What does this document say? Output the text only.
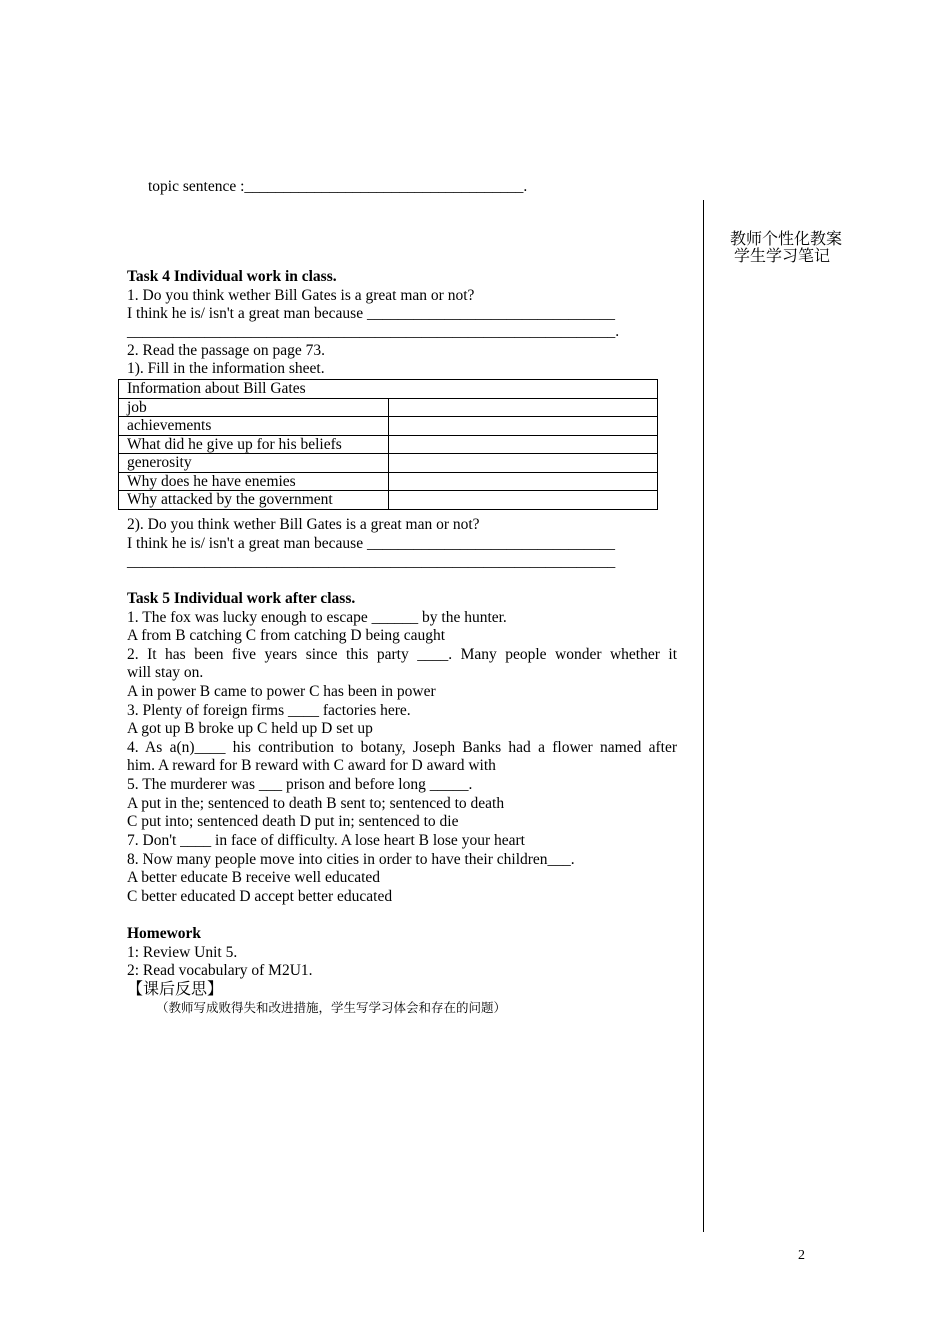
topic sentence :____________________________________.
教师个性化教案
学生学习笔记
Task 4 Individual work in class.
1. Do you think wether Bill Gates is a great man or not?
I think he is/ isn't a great man because ________________________________
_______________________________________________________________.
2. Read the passage on page 73.
1). Fill in the information sheet.
Information about Bill Gates	
job	
achievements	
What did he give up for his beliefs	
generosity	
Why does he have enemies	
Why attacked by the government	
2). Do you think wether Bill Gates is a great man or not?
I think he is/ isn't a great man because ________________________________
_______________________________________________________________
Task 5 Individual work after class.
1. The fox was lucky enough to escape ______ by the hunter.
A from B catching C from catching D being caught
2. It has been five years since this party ____. Many people wonder whether it
will stay on.
A in power B came to power C has been in power
3. Plenty of foreign firms ____ factories here.
A got up B broke up C held up D set up
4. As a(n)____ his contribution to botany, Joseph Banks had a flower named after
him. A reward for B reward with C award for D award with
5. The murderer was ___ prison and before long _____.
A put in the; sentenced to death B sent to; sentenced to death
C put into; sentenced death D put in; sentenced to die
7. Don't ____ in face of difficulty. A lose heart B lose your heart
8. Now many people move into cities in order to have their children___.
A better educate B receive well educated
C better educated D accept better educated
Homework
1: Review Unit 5.
2: Read vocabulary of M2U1.
【课后反思】
（教师写成败得失和改进措施，学生写学习体会和存在的问题）
2
